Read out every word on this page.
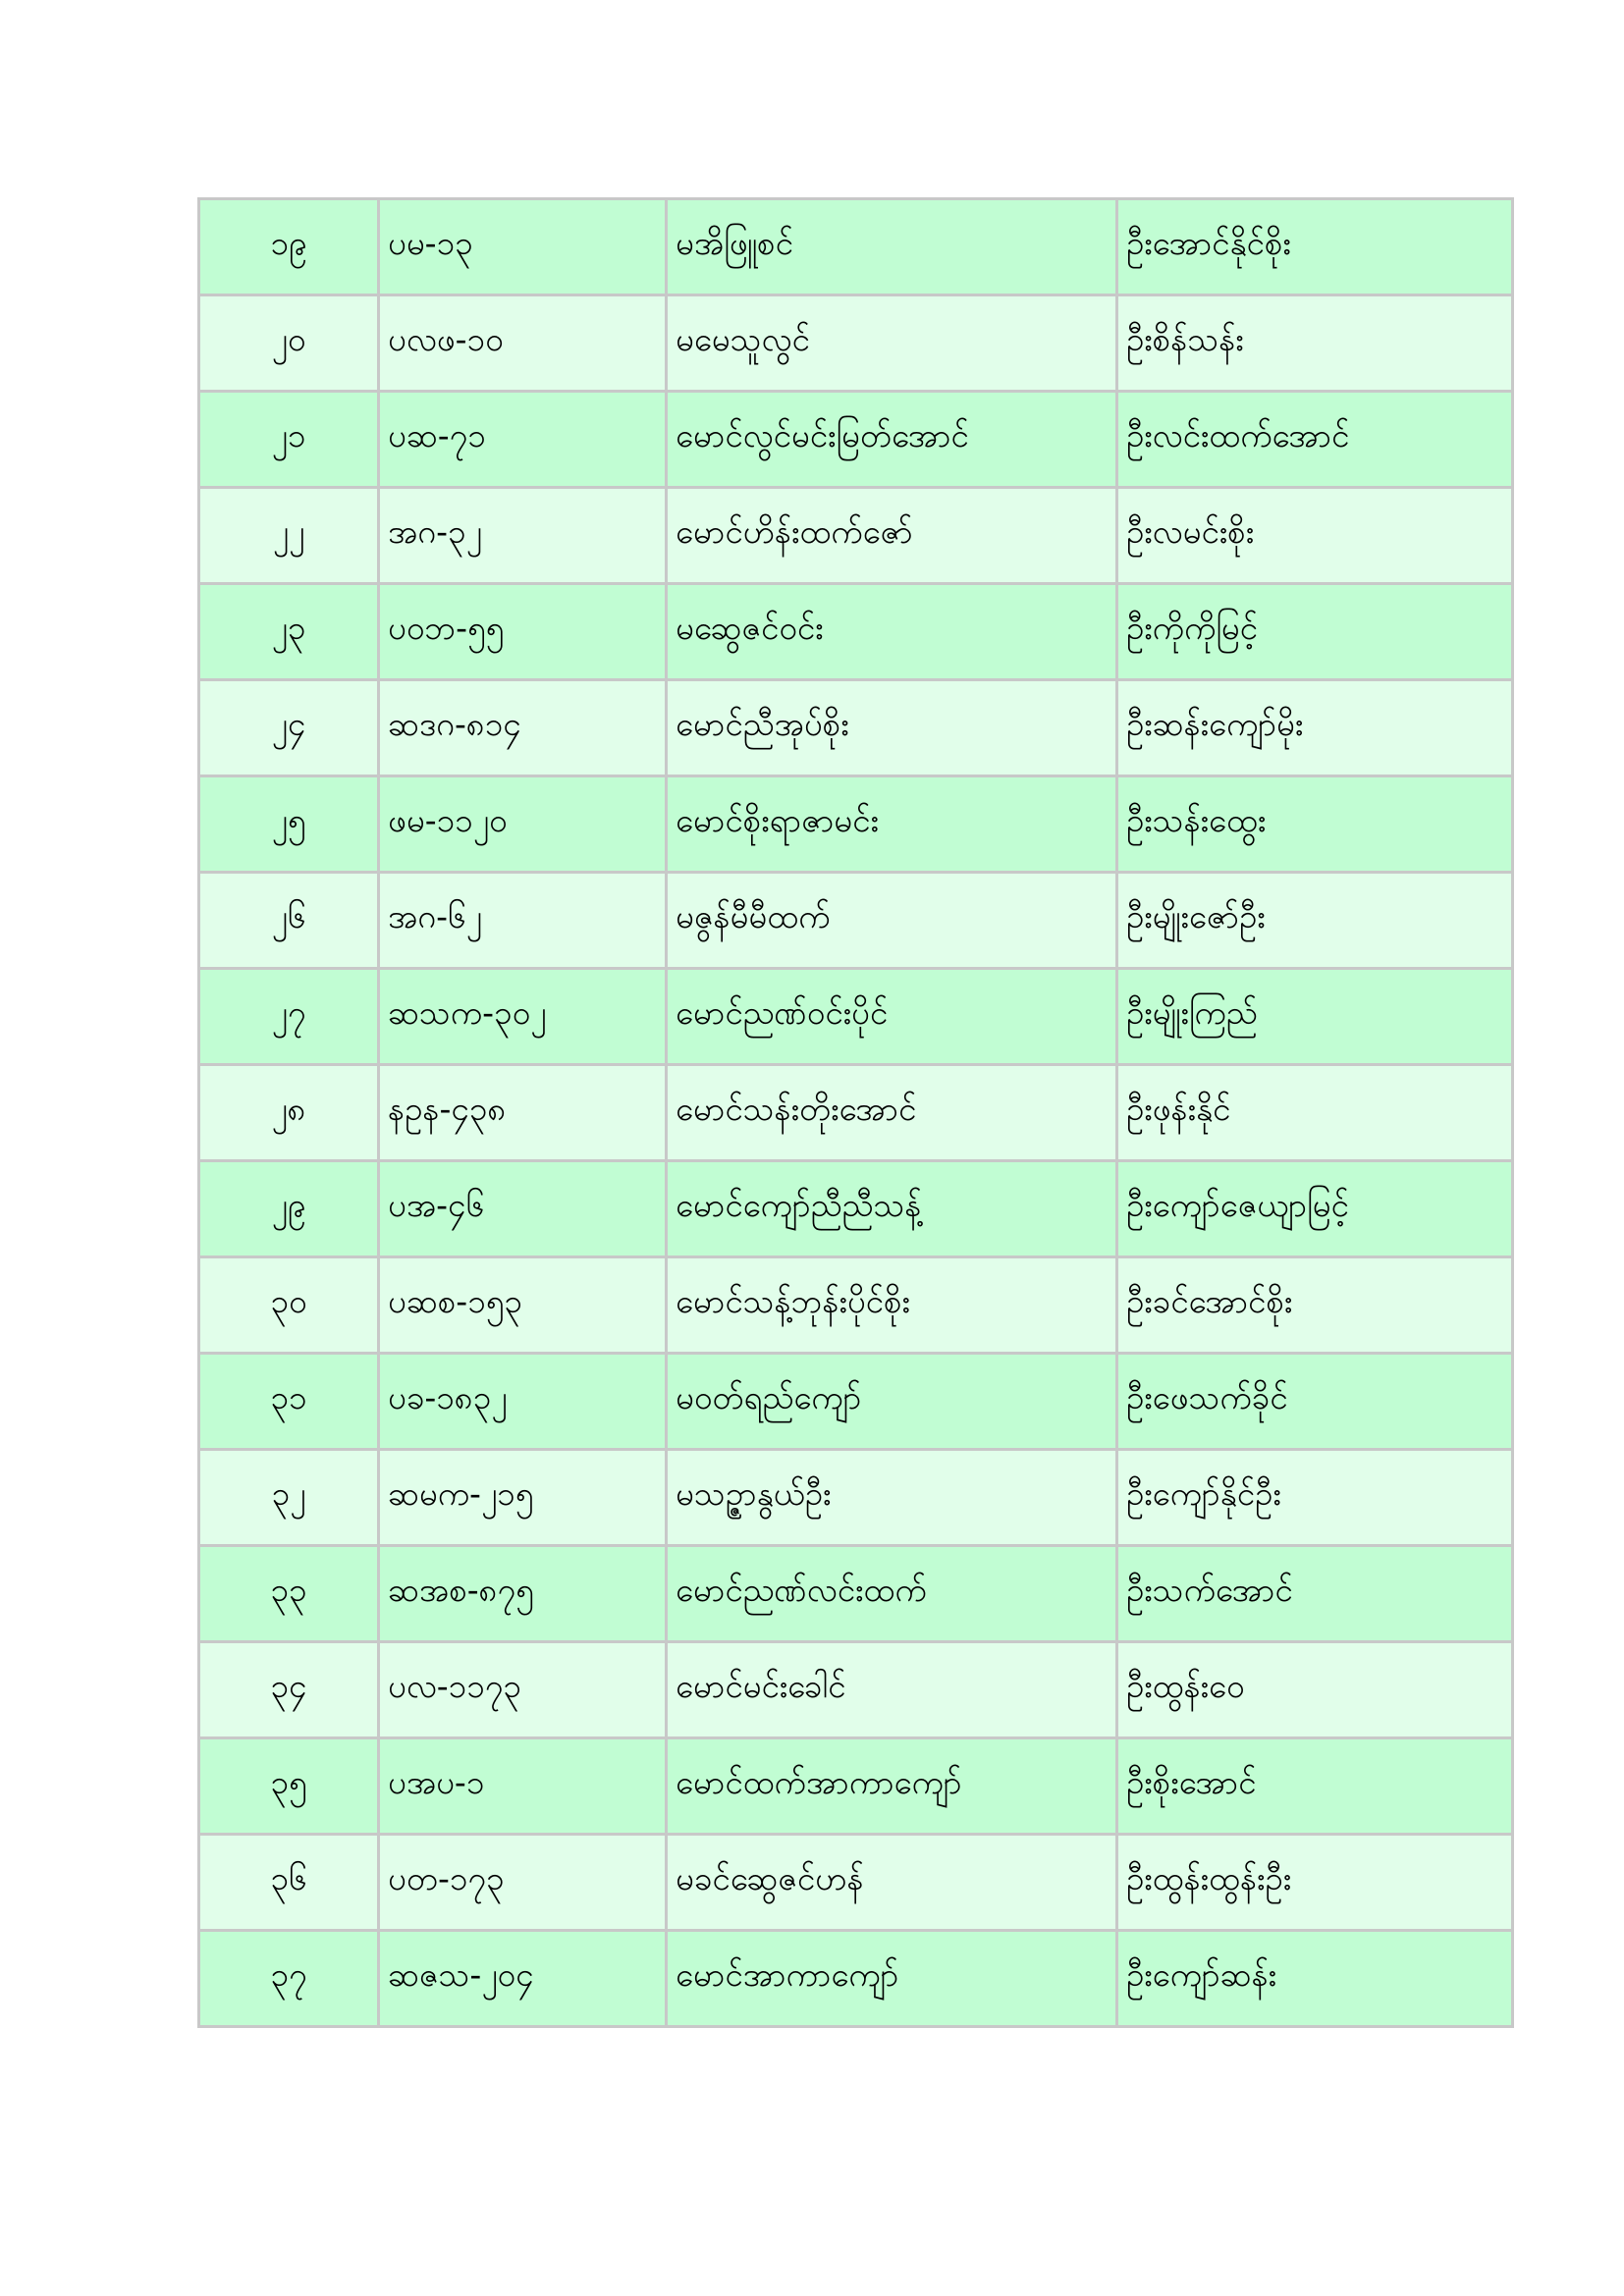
၁၉	ပမ-၁၃	မအိဖြူစင်	ဦးအောင်နိုင်စိုး
၂၀	ပလဖ-၁၀	မမေသူလွင်	ဦးစိန်သန်း
၂၁	ပဆ-၇၁	မောင်လွင်မင်းမြတ်အောင်	ဦးလင်းထက်အောင်
၂၂	အဂ-၃၂	မောင်ဟိန်းထက်ဇော်	ဦးလမင်းစိုး
၂၃	ပဝဘ-၅၅	မဆွေဇင်ဝင်း	ဦးကိုကိုမြင့်
၂၄	ဆဒဂ-၈၁၄	မောင်ညီအုပ်စိုး	ဦးဆန်းကျော်မိုး
၂၅	ဖမ-၁၁၂၀	မောင်စိုးရာဇာမင်း	ဦးသန်းထွေး
၂၆	အဂ-၆၂	မဇွန်မီမီထက်	ဦးမျိုးဇော်ဦး
၂၇	ဆသက-၃၀၂	မောင်ညဏ်ဝင်းပိုင်	ဦးမျိုးကြည်
၂၈	နဥန-၄၃၈	မောင်သန်းတိုးအောင်	ဦးဖုန်းနိုင်
၂၉	ပအ-၄၆	မောင်ကျော်ညီညီသန့်	ဦးကျော်ဇေယျာမြင့်
၃၀	ပဆစ-၁၅၃	မောင်သန့်ဘုန်းပိုင်စိုး	ဦးခင်အောင်စိုး
၃၁	ပခ-၁၈၃၂	မဝတ်ရည်ကျော်	ဦးဖေသက်ခိုင်
၃၂	ဆမက-၂၁၅	မသဉ္ဇာနွယ်ဦး	ဦးကျော်နိုင်ဦး
၃၃	ဆအစ-၈၇၅	မောင်ညဏ်လင်းထက်	ဦးသက်အောင်
၃၄	ပလ-၁၁၇၃	မောင်မင်းခေါင်	ဦးထွန်းဝေ
၃၅	ပအပ-၁	မောင်ထက်အာကာကျော်	ဦးစိုးအောင်
၃၆	ပတ-၁၇၃	မခင်ဆွေဇင်ဟန်	ဦးထွန်းထွန်းဦး
၃၇	ဆဇသ-၂၀၄	မောင်အာကာကျော်	ဦးကျော်ဆန်း
